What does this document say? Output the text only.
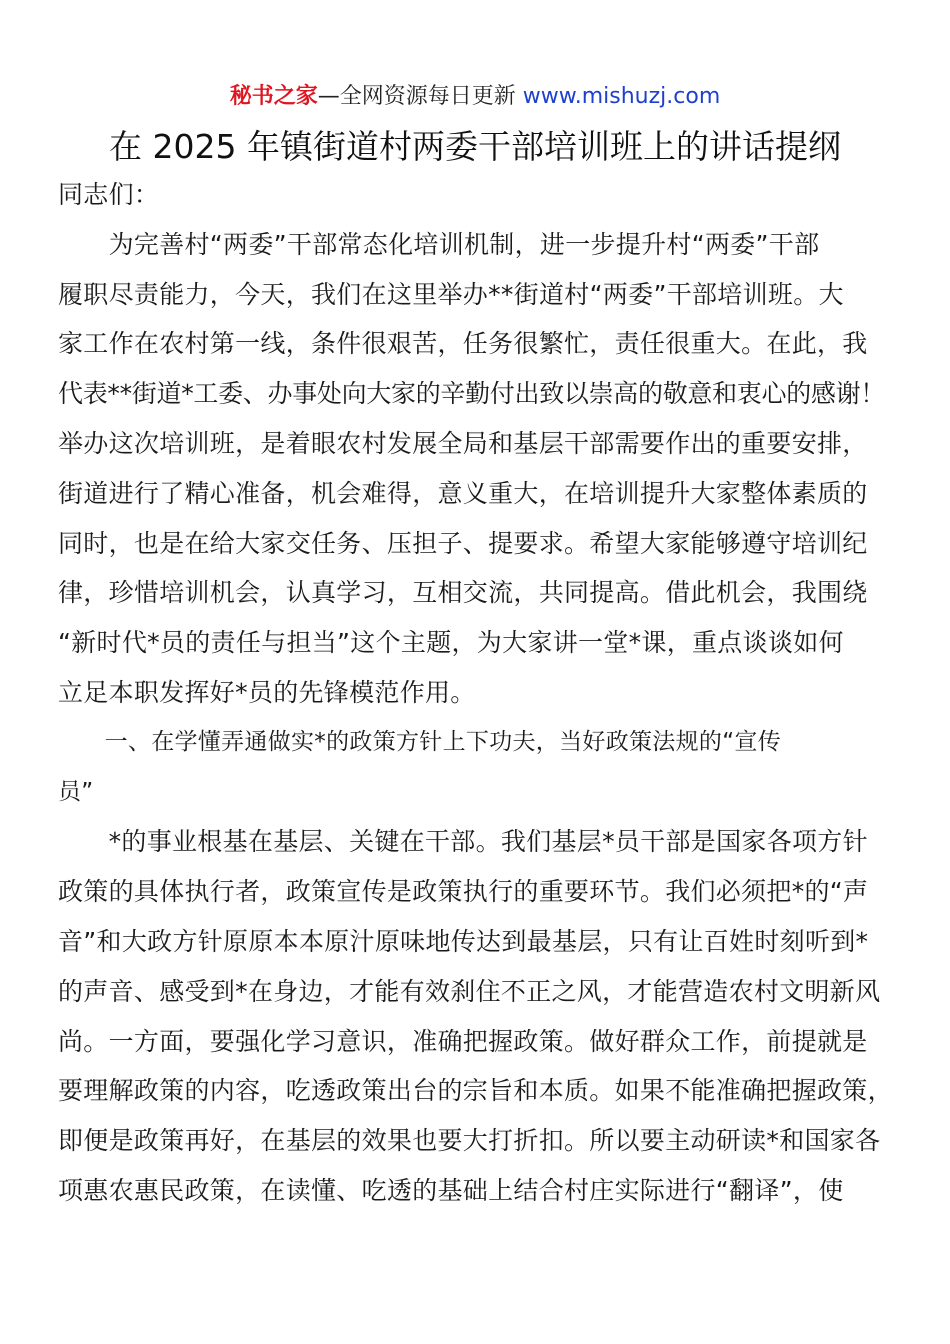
秘书之家—全网资源每日更新 www.mishuzj.com
在 2025 年镇街道村两委干部培训班上的讲话提纲
同志们：
　　为完善村“两委”干部常态化培训机制，进一步提升村“两委”干部
履职尽责能力，今天，我们在这里举办**街道村“两委”干部培训班。大
家工作在农村第一线，条件很艰苦，任务很繁忙，责任很重大。在此，我
代表**街道*工委、办事处向大家的辛勤付出致以崇高的敬意和衷心的感谢！
举办这次培训班，是着眼农村发展全局和基层干部需要作出的重要安排，
街道进行了精心准备，机会难得，意义重大，在培训提升大家整体素质的
同时，也是在给大家交任务、压担子、提要求。希望大家能够遵守培训纪
律，珍惜培训机会，认真学习，互相交流，共同提高。借此机会，我围绕
“新时代*员的责任与担当”这个主题，为大家讲一堂*课，重点谈谈如何
立足本职发挥好*员的先锋模范作用。
　　一、在学懂弄通做实*的政策方针上下功夫，当好政策法规的“宣传
员”
　　*的事业根基在基层、关键在干部。我们基层*员干部是国家各项方针
政策的具体执行者，政策宣传是政策执行的重要环节。我们必须把*的“声
音”和大政方针原原本本原汁原味地传达到最基层，只有让百姓时刻听到*
的声音、感受到*在身边，才能有效刹住不正之风，才能营造农村文明新风
尚。一方面，要强化学习意识，准确把握政策。做好群众工作，前提就是
要理解政策的内容，吃透政策出台的宗旨和本质。如果不能准确把握政策，
即便是政策再好，在基层的效果也要大打折扣。所以要主动研读*和国家各
项惠农惠民政策，在读懂、吃透的基础上结合村庄实际进行“翻译”，使
